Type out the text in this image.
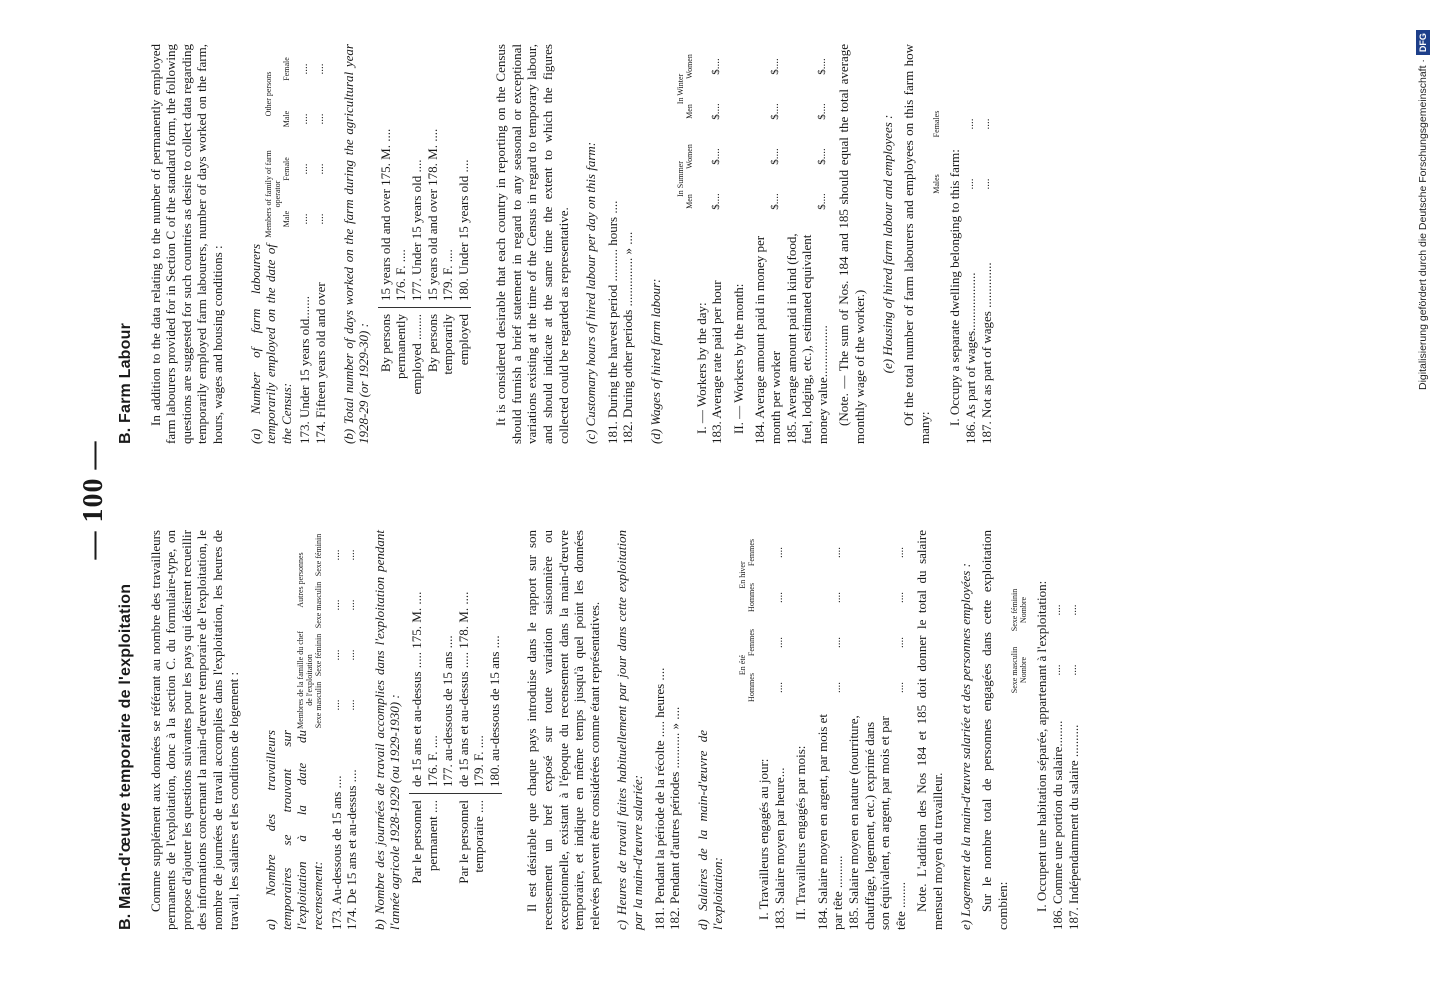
— 100 —
B. Main-d'œuvre temporaire de l'exploitation Comme supplément aux données se référant au nombre des travailleurs permanents de l'exploitation, donc à la section C. du formulaire-type, on propose d'ajouter les questions suivantes pour les pays qui désirent recueillir des informations concernant la main-d'œuvre temporaire de l'exploitation, le nombre de journées de travail accomplies dans l'exploitation, les heures de travail, les salaires et les conditions de logement : a) Nombre des travailleurs temporaires se trouvant sur l'exploitation à la date du recensement:

Membres de la famille du chef de l'exploitation
Autres personnes
Sexe masculin
Sexe féminin
Sexe masculin
Sexe féminin
173. Au-dessous de 15 ans ....
....
....
....
....
174. De 15 ans et au-dessus ....
....
....
....
.... b) Nombre des journées de travail accomplies dans l'exploitation pendant l'année agricole 1928-1929 (ou 1929-1930) : Par le personnel permanent ....
de 15 ans et au-dessus ..... 175. M. .... 176. F. .... 177. au-dessous de 15 ans ....
Par le personnel temporaire ....
de 15 ans et au-dessus ..... 178. M. .... 179. F. .... 180. au-dessous de 15 ans .... Il est désirable que chaque pays introduise dans le rapport sur son recensement un bref exposé sur toute variation saisonnière ou exceptionnelle, existant à l'époque du recensement dans la main-d'œuvre temporaire, et indique en même temps jusqu'à quel point les données relevées peuvent être considérées comme étant représentatives. c) Heures de travail faites habituellement par jour dans cette exploitation par la main-d'œuvre salariée: 181. Pendant la période de la récolte ..... heures .... 182. Pendant d'autres périodes ........... » .... d) Salaires de la main-d'œuvre de l'exploitation:

En été
En hiver
Hommes
Femmes
Hommes
Femmes
I. Travailleurs engagés au jour: 183. Salaire moyen par heure...
....
....
....
....
II. Travailleurs engagés par mois: 184. Salaire moyen en argent, par mois et par tête ..........
....
....
....
....
185. Salaire moyen en nature (nourriture, chauffage, logement, etc.) exprimé dans son équivalent, en argent, par mois et par tête ........
....
....
....
.... Note. L'addition des Nos 184 et 185 doit donner le total du salaire mensuel moyen du travailleur. e) Logement de la main-d'œuvre salariée et des personnes employées : Sur le nombre total de personnes engagées dans cette exploitation combien:

Sexe masculin Nombre
Sexe féminin Nombre I. Occupent une habitation séparée, appartenant à l'exploitation: 186. Comme une portion du salaire........
....
....
187. Indépendamment du salaire ..........
....
....
B. Farm Labour In addition to the data relating to the number of permanently employed farm labourers provided for in Section C of the standard form, the following questions are suggested for such countries as desire to collect data regarding temporarily employed farm labourers, number of days worked on the farm, hours, wages and housing conditions : (a) Number of farm labourers temporarily employed on the date of the Census:

Members of family of farm operator
Other persons
Male
Female
Male
Female
173. Under 15 years old.......
....
....
....
....
174. Fifteen years old and over
....
....
....
.... (b) Total number of days worked on the farm during the agricultural year 1928-29 (or 1929-30) : By persons permanently employed ........
15 years old and over 175. M. .... 176. F. .... 177. Under 15 years old ....
By persons temporarily employed
15 years old and over 178. M. .... 179. F. .... 180. Under 15 years old .... It is considered desirable that each country in reporting on the Census should furnish a brief statement in regard to any seasonal or exceptional variations existing at the time of the Census in regard to temporary labour, and should indicate at the same time the extent to which the figures collected could be regarded as representative. (c) Customary hours of hired labour per day on this farm: 181. During the harvest period .......... hours .... 182. During other periods ............... » .... (d) Wages of hired farm labour:

In Summer
In Winter
Men
Women
Men
Women
I. — Workers by the day: 183. Average rate paid per hour
$....
$....
$....
$....
II. — Workers by the month: 184. Average amount paid in money per month per worker
$....
$....
$....
$....
185. Average amount paid in kind (food, fuel, lodging, etc.), estimated equivalent money value................
$....
$....
$....
$.... (Note. — The sum of Nos. 184 and 185 should equal the total average monthly wage of the worker.) (e) Housing of hired farm labour and employees : Of the total number of farm labourers and employees on this farm how many:

Males
Females

I. Occupy a separate dwelling belonging to this farm: 186. As part of wages..................
....
....
187. Not as part of wages ..............
....
....	Digitalisierung gefördert durch die Deutsche Forschungsgemeinschaft ·DFG
